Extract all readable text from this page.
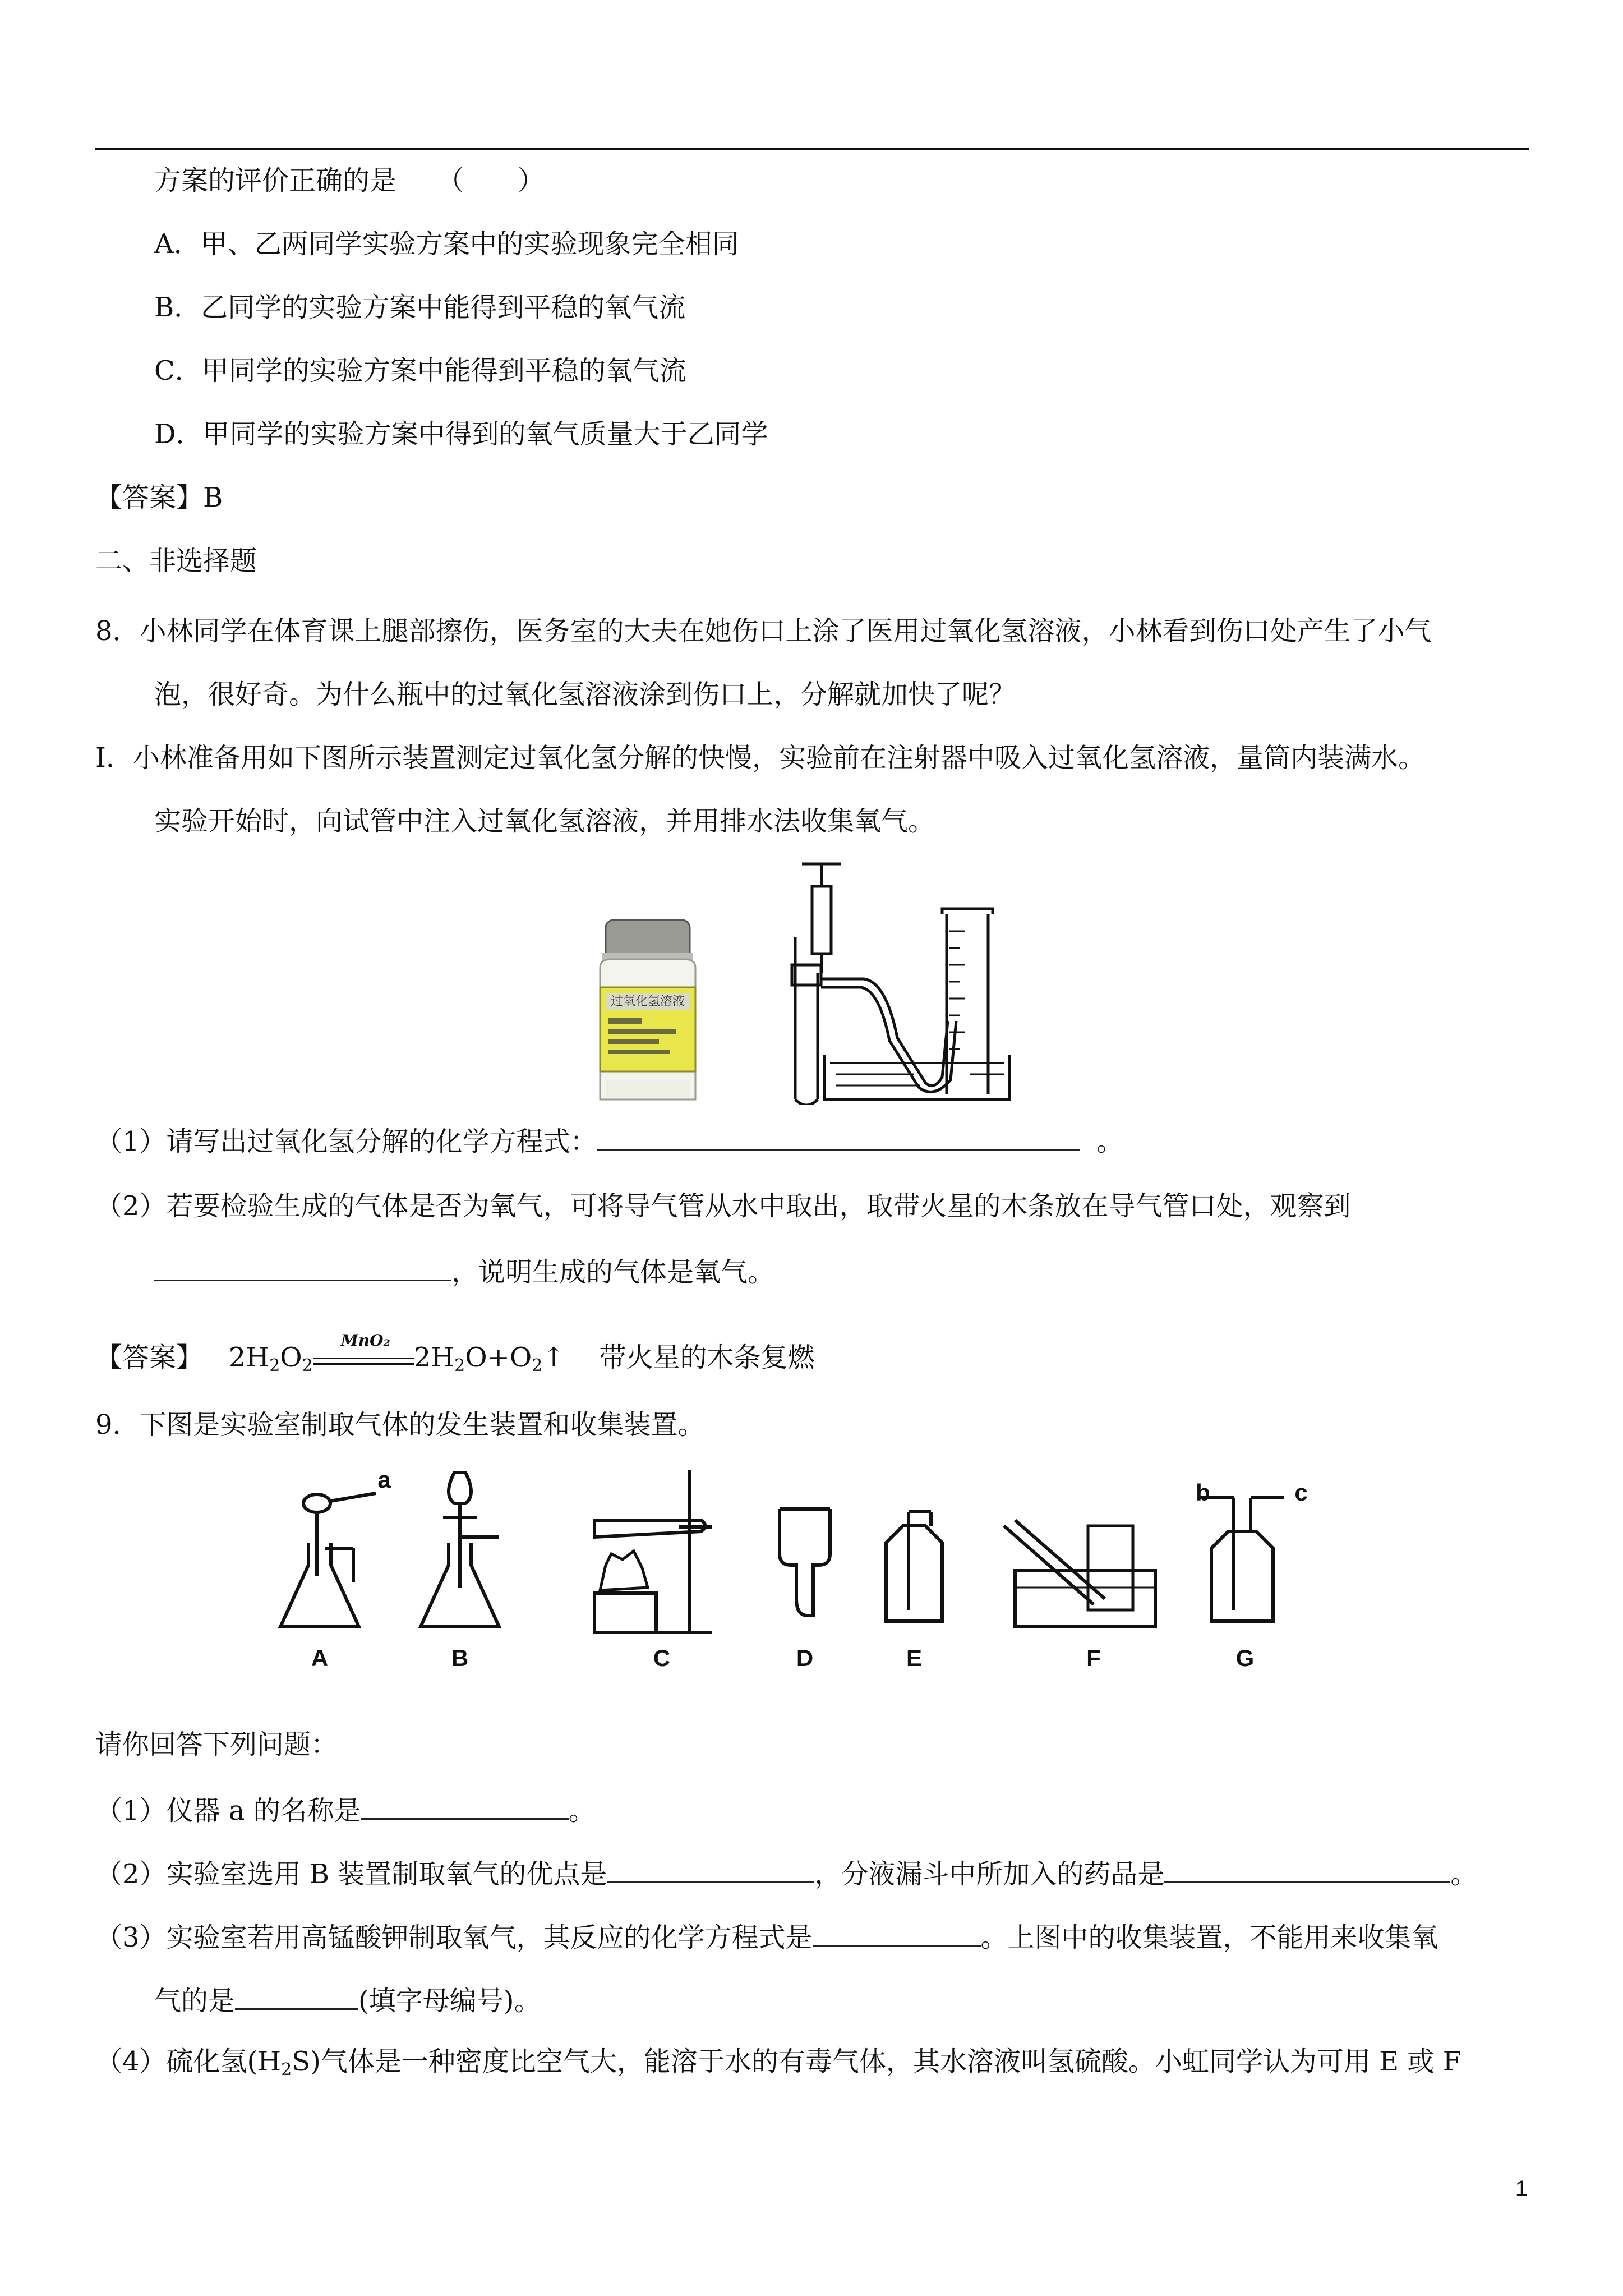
方案的评价正确的是　　（　　）
A．甲、乙两同学实验方案中的实验现象完全相同
B．乙同学的实验方案中能得到平稳的氧气流
C．甲同学的实验方案中能得到平稳的氧气流
D．甲同学的实验方案中得到的氧气质量大于乙同学
【答案】B
二、非选择题
8．小林同学在体育课上腿部擦伤，医务室的大夫在她伤口上涂了医用过氧化氢溶液，小林看到伤口处产生了小气
泡，很好奇。为什么瓶中的过氧化氢溶液涂到伤口上，分解就加快了呢？
I．小林准备用如下图所示装置测定过氧化氢分解的快慢，实验前在注射器中吸入过氧化氢溶液，量筒内装满水。
实验开始时，向试管中注入过氧化氢溶液，并用排水法收集氧气。
过氧化氢溶液
（1）请写出过氧化氢分解的化学方程式：	。
（2）若要检验生成的气体是否为氧气，可将导气管从水中取出，取带火星的木条放在导气管口处，观察到
，说明生成的气体是氧气。
【答案】 $2H_2O_2$
MnO₂
$2H_2O+O_2↑$ 带火星的木条复燃
9．下图是实验室制取气体的发生装置和收集装置。
a	b	c
A	B	C	D	E	F	G
请你回答下列问题：
（1）仪器 a 的名称是	。
（2）实验室选用 B 装置制取氧气的优点是	，分液漏斗中所加入的药品是	。
（3）实验室若用高锰酸钾制取氧气，其反应的化学方程式是	。上图中的收集装置，不能用来收集氧
气的是	(填字母编号)。
（4）硫化氢$(H_2S)$气体是一种密度比空气大，能溶于水的有毒气体，其水溶液叫氢硫酸。小虹同学认为可用 E 或 F
1
